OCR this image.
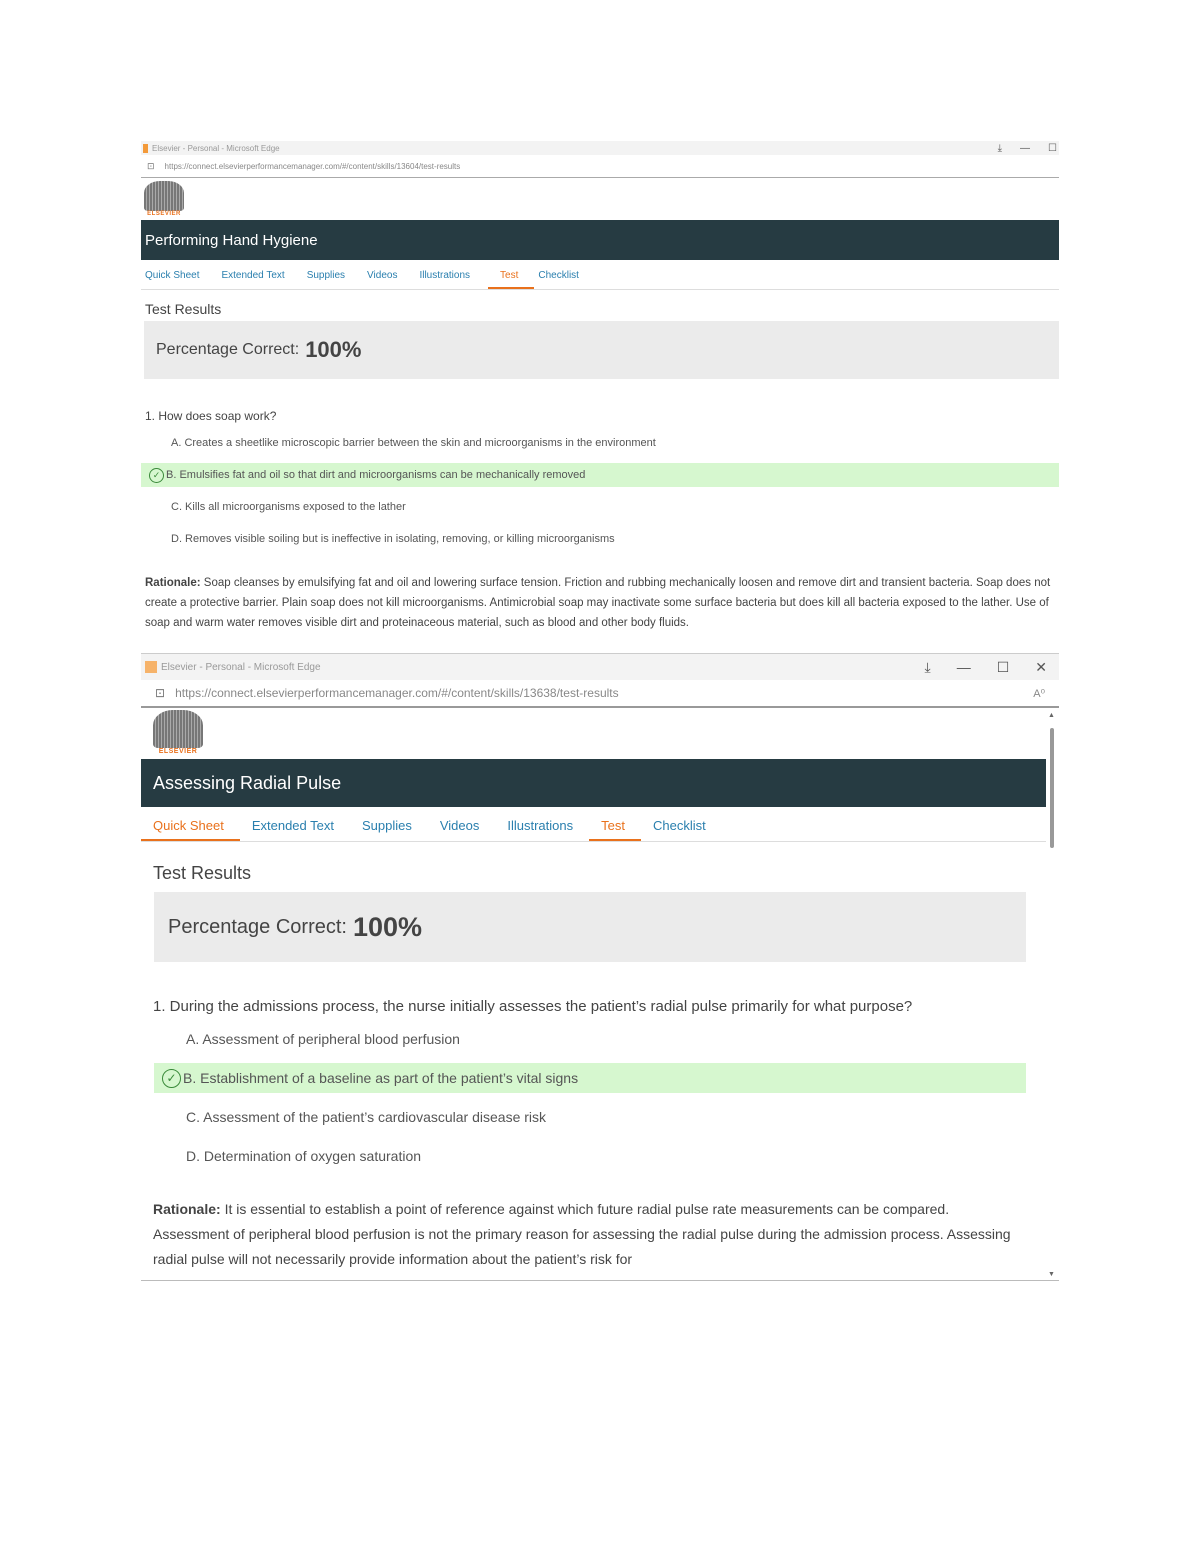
Elsevier - Personal - Microsoft Edge	⤓ — ☐
⊡ https://connect.elsevierperformancemanager.com/#/content/skills/13604/test-results
ELSEVIER
Performing Hand Hygiene
Quick Sheet	Extended Text	Supplies	Videos	Illustrations	Test	Checklist
Test Results
Percentage Correct: 100%
1. How does soap work?
A. Creates a sheetlike microscopic barrier between the skin and microorganisms in the environment
✓ B. Emulsifies fat and oil so that dirt and microorganisms can be mechanically removed
C. Kills all microorganisms exposed to the lather
D. Removes visible soiling but is ineffective in isolating, removing, or killing microorganisms
Rationale: Soap cleanses by emulsifying fat and oil and lowering surface tension. Friction and rubbing mechanically loosen and remove dirt and transient bacteria. Soap does not create a protective barrier. Plain soap does not kill microorganisms. Antimicrobial soap may inactivate some surface bacteria but does kill all bacteria exposed to the lather. Use of soap and warm water removes visible dirt and proteinaceous material, such as blood and other body fluids.
Elsevier - Personal - Microsoft Edge	⤓ — ☐ ✕
⊡ https://connect.elsevierperformancemanager.com/#/content/skills/13638/test-results	A⁰
ELSEVIER
Assessing Radial Pulse
Quick Sheet	Extended Text	Supplies	Videos	Illustrations	Test	Checklist
Test Results
Percentage Correct: 100%
1. During the admissions process, the nurse initially assesses the patient’s radial pulse primarily for what purpose?
A. Assessment of peripheral blood perfusion
✓ B. Establishment of a baseline as part of the patient’s vital signs
C. Assessment of the patient’s cardiovascular disease risk
D. Determination of oxygen saturation
Rationale: It is essential to establish a point of reference against which future radial pulse rate measurements can be compared. Assessment of peripheral blood perfusion is not the primary reason for assessing the radial pulse during the admission process. Assessing radial pulse will not necessarily provide information about the patient’s risk for
▲
▼
